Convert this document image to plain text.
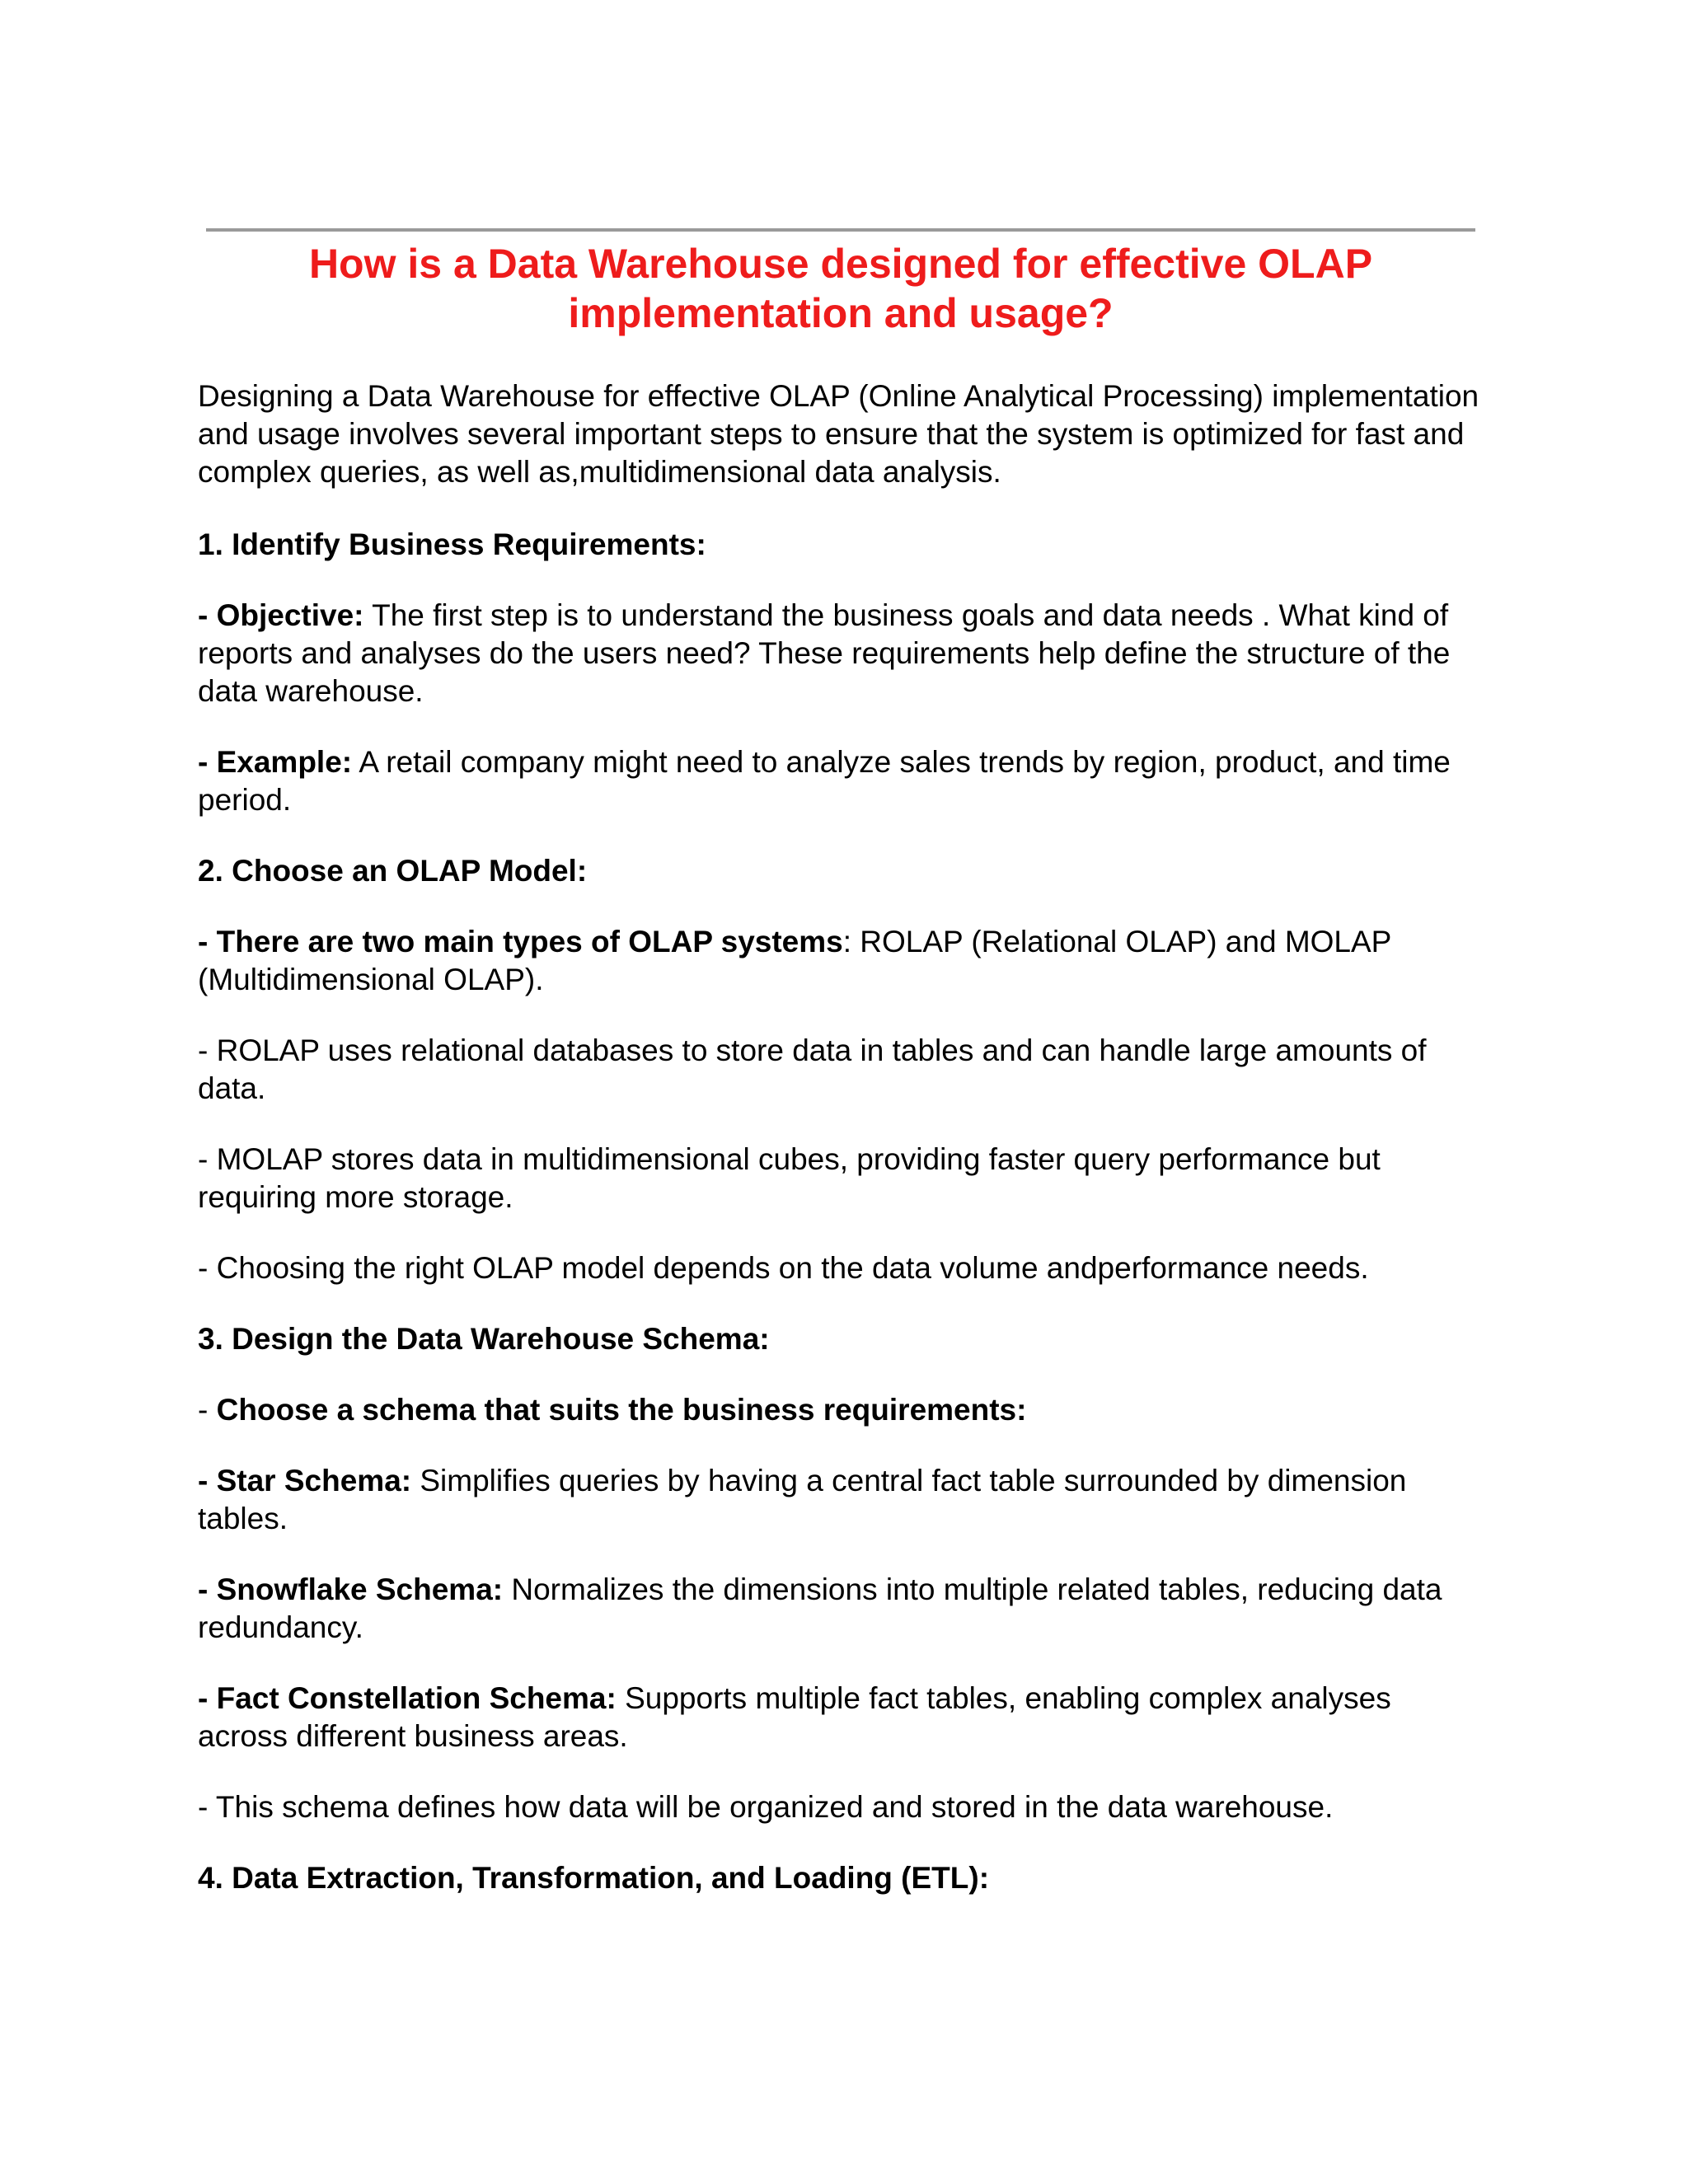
How is a Data Warehouse designed for effective OLAP implementation and usage?

Designing a Data Warehouse for effective OLAP (Online Analytical Processing) implementation and usage involves several important steps to ensure that the system is optimized for fast and complex queries, as well as,multidimensional data analysis.

1. Identify Business Requirements:

- Objective: The first step is to understand the business goals and data needs . What kind of reports and analyses do the users need? These requirements help define the structure of the data warehouse.

- Example: A retail company might need to analyze sales trends by region, product, and time period.

2. Choose an OLAP Model:

- There are two main types of OLAP systems: ROLAP (Relational OLAP) and MOLAP (Multidimensional OLAP).

- ROLAP uses relational databases to store data in tables and can handle large amounts of data.

- MOLAP stores data in multidimensional cubes, providing faster query performance but requiring more storage.

- Choosing the right OLAP model depends on the data volume andperformance needs.

3. Design the Data Warehouse Schema:

- Choose a schema that suits the business requirements:

- Star Schema: Simplifies queries by having a central fact table surrounded by dimension tables.

- Snowflake Schema: Normalizes the dimensions into multiple related tables, reducing data redundancy.

- Fact Constellation Schema: Supports multiple fact tables, enabling complex analyses across different business areas.

- This schema defines how data will be organized and stored in the data warehouse.

4. Data Extraction, Transformation, and Loading (ETL):
